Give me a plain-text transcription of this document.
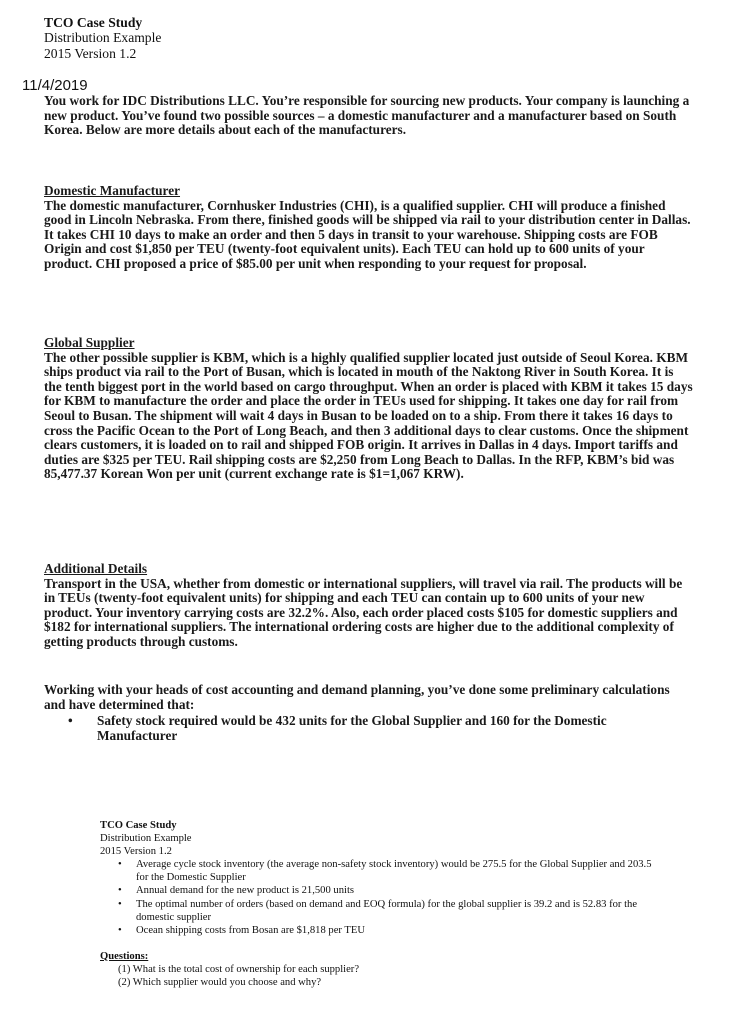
TCO Case Study
Distribution Example
2015 Version 1.2
11/4/2019

You work for IDC Distributions LLC. You’re responsible for sourcing new products. Your company is launching a new product. You’ve found two possible sources – a domestic manufacturer and a manufacturer based on South Korea. Below are more details about each of the manufacturers.

Domestic Manufacturer
The domestic manufacturer, Cornhusker Industries (CHI), is a qualified supplier. CHI will produce a finished good in Lincoln Nebraska. From there, finished goods will be shipped via rail to your distribution center in Dallas. It takes CHI 10 days to make an order and then 5 days in transit to your warehouse. Shipping costs are FOB Origin and cost $1,850 per TEU (twenty-foot equivalent units). Each TEU can hold up to 600 units of your product. CHI proposed a price of $85.00 per unit when responding to your request for proposal.

Global Supplier
The other possible supplier is KBM, which is a highly qualified supplier located just outside of Seoul Korea. KBM ships product via rail to the Port of Busan, which is located in mouth of the Naktong River in South Korea. It is the tenth biggest port in the world based on cargo throughput. When an order is placed with KBM it takes 15 days for KBM to manufacture the order and place the order in TEUs used for shipping. It takes one day for rail from Seoul to Busan. The shipment will wait 4 days in Busan to be loaded on to a ship. From there it takes 16 days to cross the Pacific Ocean to the Port of Long Beach, and then 3 additional days to clear customs. Once the shipment clears customers, it is loaded on to rail and shipped FOB origin. It arrives in Dallas in 4 days. Import tariffs and duties are $325 per TEU. Rail shipping costs are $2,250 from Long Beach to Dallas. In the RFP, KBM’s bid was 85,477.37 Korean Won per unit (current exchange rate is $1=1,067 KRW).

Additional Details
Transport in the USA, whether from domestic or international suppliers, will travel via rail. The products will be in TEUs (twenty-foot equivalent units) for shipping and each TEU can contain up to 600 units of your new product. Your inventory carrying costs are 32.2%. Also, each order placed costs $105 for domestic suppliers and $182 for international suppliers. The international ordering costs are higher due to the additional complexity of getting products through customs.

Working with your heads of cost accounting and demand planning, you’ve done some preliminary calculations and have determined that:

• Safety stock required would be 432 units for the Global Supplier and 160 for the Domestic Manufacturer
TCO Case Study
Distribution Example
2015 Version 1.2
• Average cycle stock inventory (the average non-safety stock inventory) would be 275.5 for the Global Supplier and 203.5 for the Domestic Supplier
• Annual demand for the new product is 21,500 units
• The optimal number of orders (based on demand and EOQ formula) for the global supplier is 39.2 and is 52.83 for the domestic supplier
• Ocean shipping costs from Bosan are $1,818 per TEU
Questions:
(1) What is the total cost of ownership for each supplier?
(2) Which supplier would you choose and why?
